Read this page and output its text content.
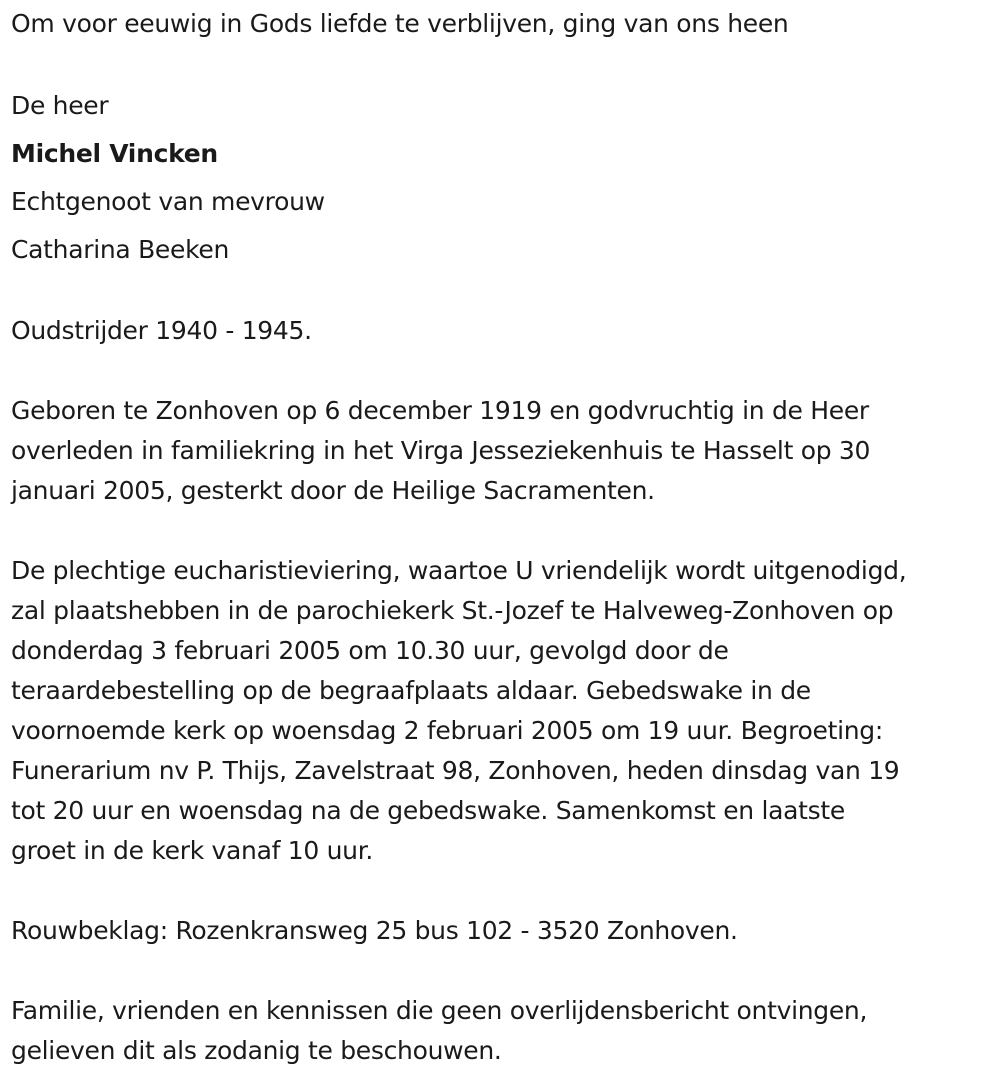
Om voor eeuwig in Gods liefde te verblijven, ging van ons heen
De heer
Michel Vincken
Echtgenoot van mevrouw
Catharina Beeken
Oudstrijder 1940 - 1945.
Geboren te Zonhoven op 6 december 1919 en godvruchtig in de Heer
overleden in familiekring in het Virga Jesseziekenhuis te Hasselt op 30
januari 2005, gesterkt door de Heilige Sacramenten.
De plechtige eucharistieviering, waartoe U vriendelijk wordt uitgenodigd,
zal plaatshebben in de parochiekerk St.-Jozef te Halveweg-Zonhoven op
donderdag 3 februari 2005 om 10.30 uur, gevolgd door de
teraardebestelling op de begraafplaats aldaar. Gebedswake in de
voornoemde kerk op woensdag 2 februari 2005 om 19 uur. Begroeting:
Funerarium nv P. Thijs, Zavelstraat 98, Zonhoven, heden dinsdag van 19
tot 20 uur en woensdag na de gebedswake. Samenkomst en laatste
groet in de kerk vanaf 10 uur.
Rouwbeklag: Rozenkransweg 25 bus 102 - 3520 Zonhoven.
Familie, vrienden en kennissen die geen overlijdensbericht ontvingen,
gelieven dit als zodanig te beschouwen.
